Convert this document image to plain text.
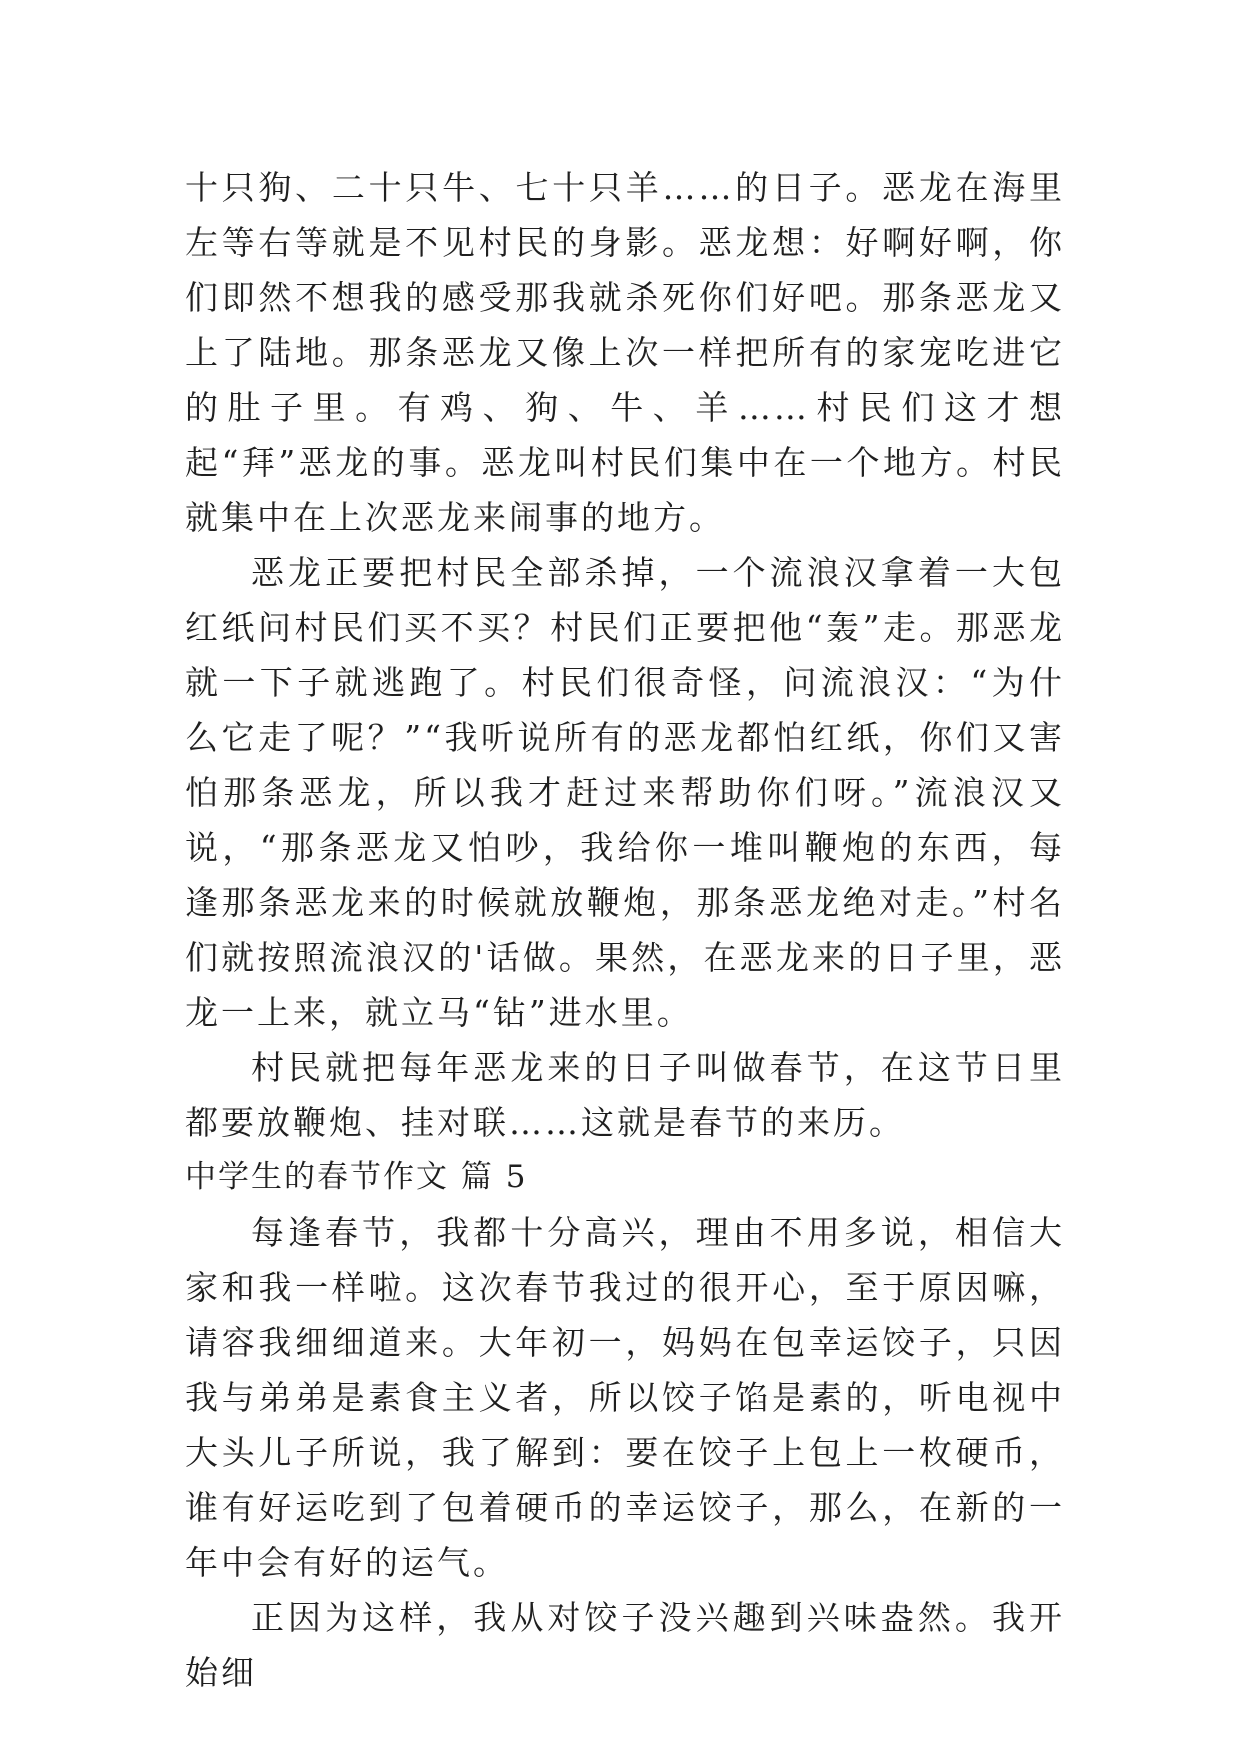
十只狗、二十只牛、七十只羊……的日子。恶龙在海里左等右等就是不见村民的身影。恶龙想：好啊好啊，你们即然不想我的感受那我就杀死你们好吧。那条恶龙又上了陆地。那条恶龙又像上次一样把所有的家宠吃进它的肚子里。有鸡、狗、牛、羊……村民们这才想起“拜”恶龙的事。恶龙叫村民们集中在一个地方。村民就集中在上次恶龙来闹事的地方。

恶龙正要把村民全部杀掉，一个流浪汉拿着一大包红纸问村民们买不买？村民们正要把他“轰”走。那恶龙就一下子就逃跑了。村民们很奇怪，问流浪汉：“为什么它走了呢？”“我听说所有的恶龙都怕红纸，你们又害怕那条恶龙，所以我才赶过来帮助你们呀。”流浪汉又说，“那条恶龙又怕吵，我给你一堆叫鞭炮的东西，每逢那条恶龙来的时候就放鞭炮，那条恶龙绝对走。”村名们就按照流浪汉的'话做。果然，在恶龙来的日子里，恶龙一上来，就立马“钻”进水里。

村民就把每年恶龙来的日子叫做春节，在这节日里都要放鞭炮、挂对联……这就是春节的来历。

中学生的春节作文 篇 5

每逢春节，我都十分高兴，理由不用多说，相信大家和我一样啦。这次春节我过的很开心，至于原因嘛，请容我细细道来。大年初一，妈妈在包幸运饺子，只因我与弟弟是素食主义者，所以饺子馅是素的，听电视中大头儿子所说，我了解到：要在饺子上包上一枚硬币，谁有好运吃到了包着硬币的幸运饺子，那么，在新的一年中会有好的运气。

正因为这样，我从对饺子没兴趣到兴味盎然。我开始细
